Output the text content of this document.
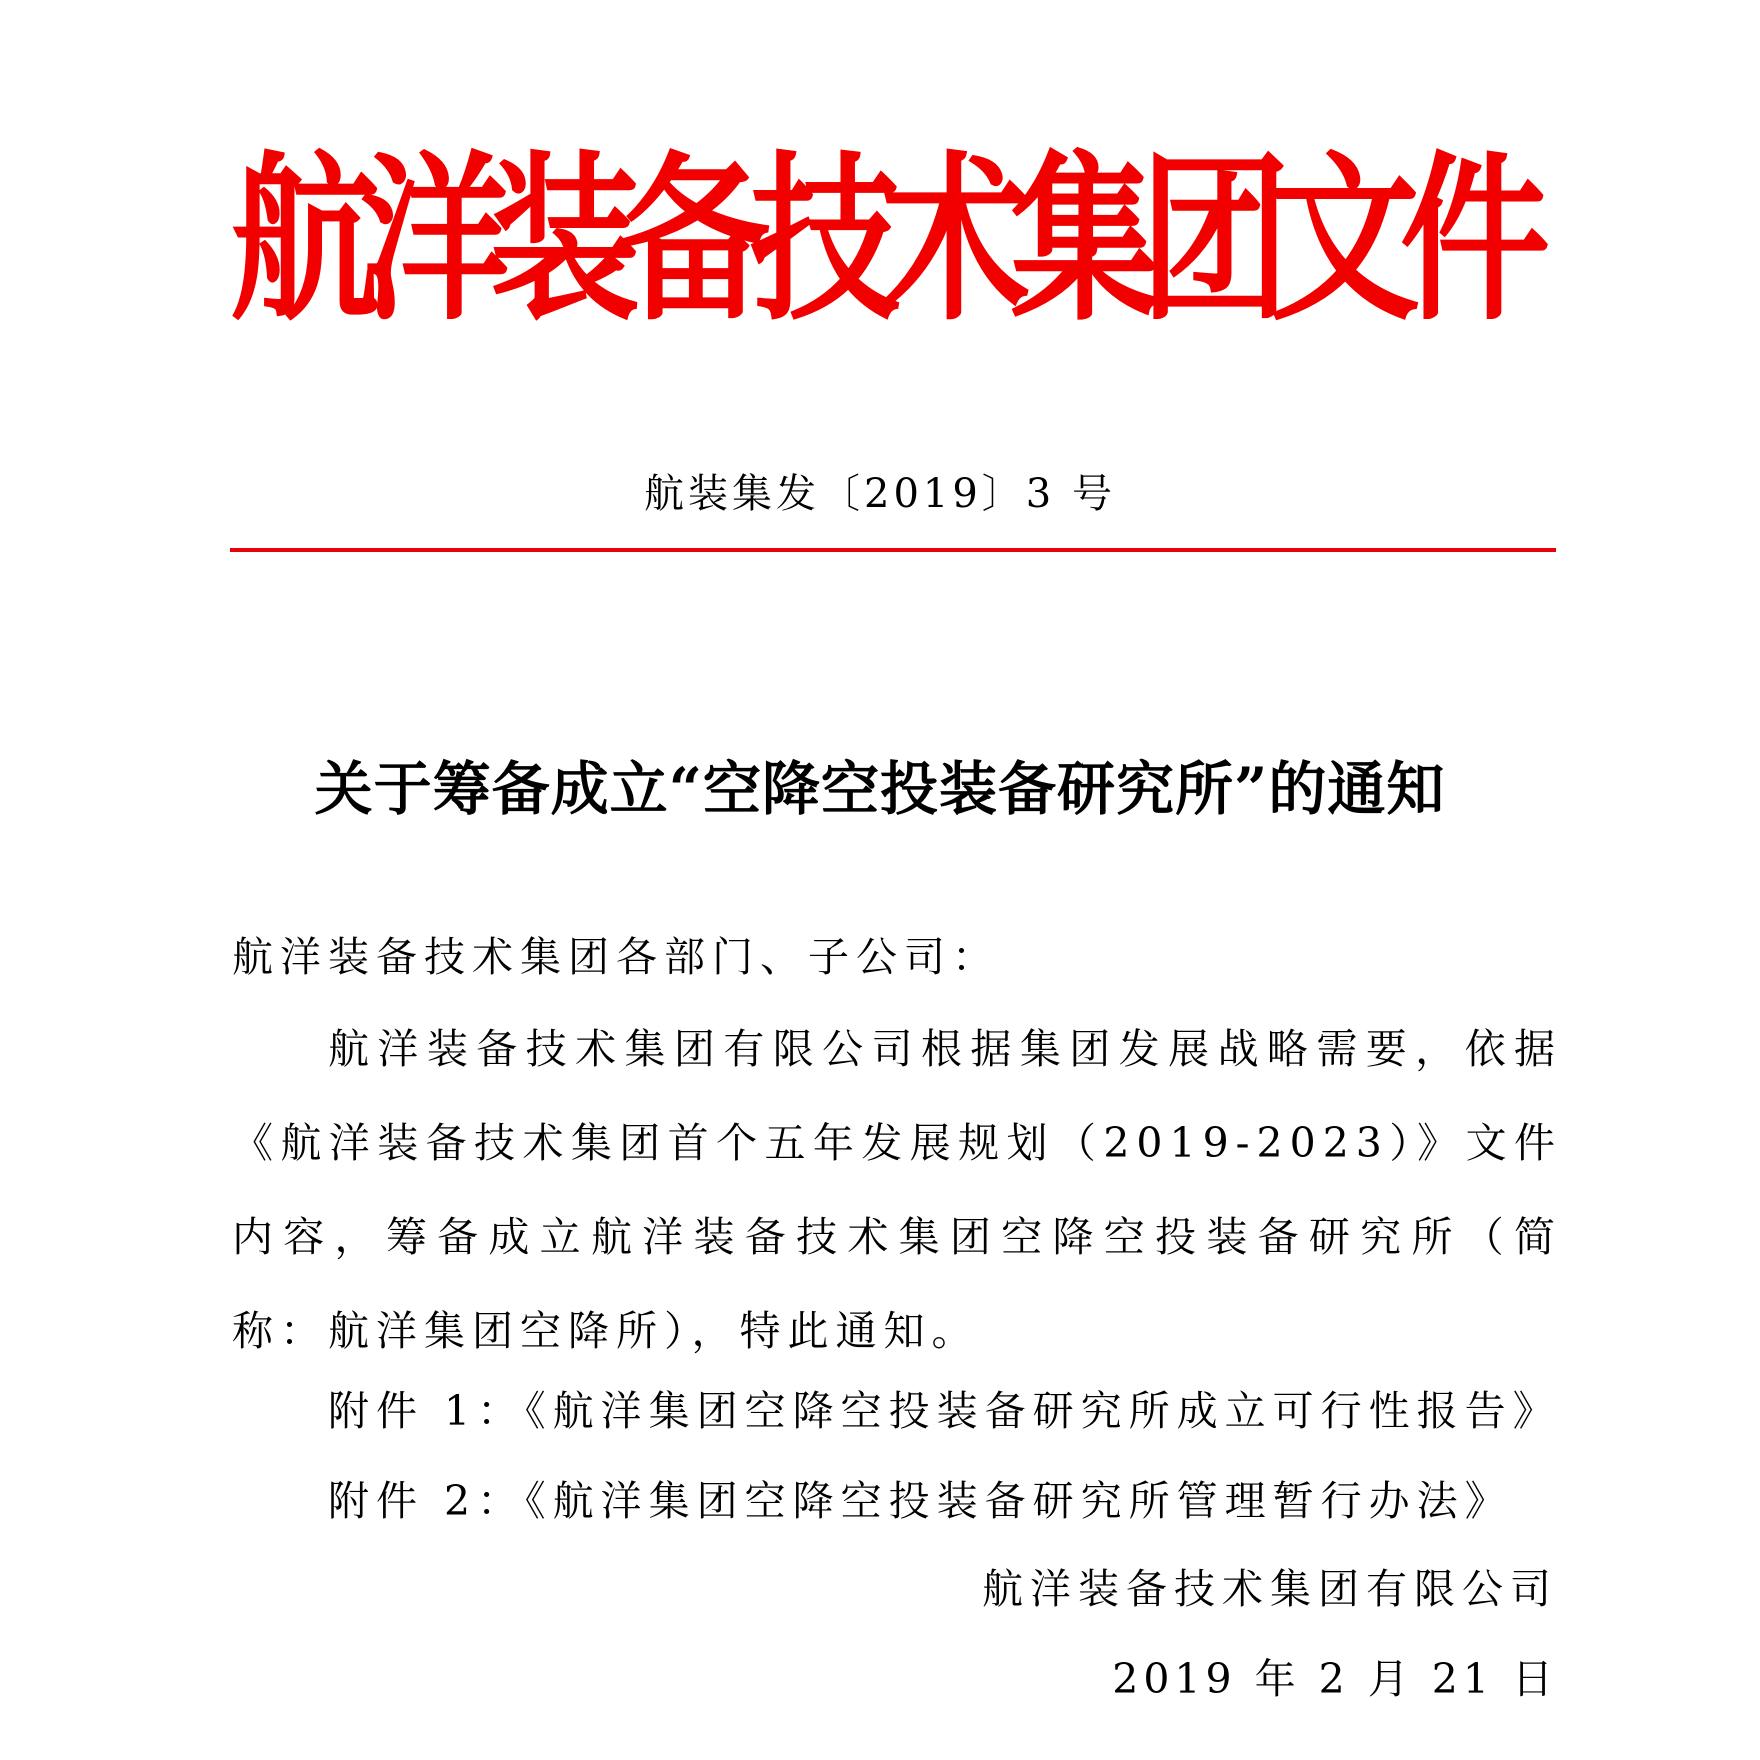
航
洋
装
备
技
术
集
团
文
件
航装集发〔2019〕3 号
关于筹备成立“空降空投装备研究所”的通知
航洋装备技术集团各部门、子公司：
航洋装备技术集团有限公司根据集团发展战略需要，依据《航洋装备技术集团首个五年发展规划（2019-2023）》文件内容，筹备成立航洋装备技术集团空降空投装备研究所（简称：航洋集团空降所），特此通知。
附件 1：《航洋集团空降空投装备研究所成立可行性报告》
附件 2：《航洋集团空降空投装备研究所管理暂行办法》
航洋装备技术集团有限公司
2019 年 2 月 21 日
